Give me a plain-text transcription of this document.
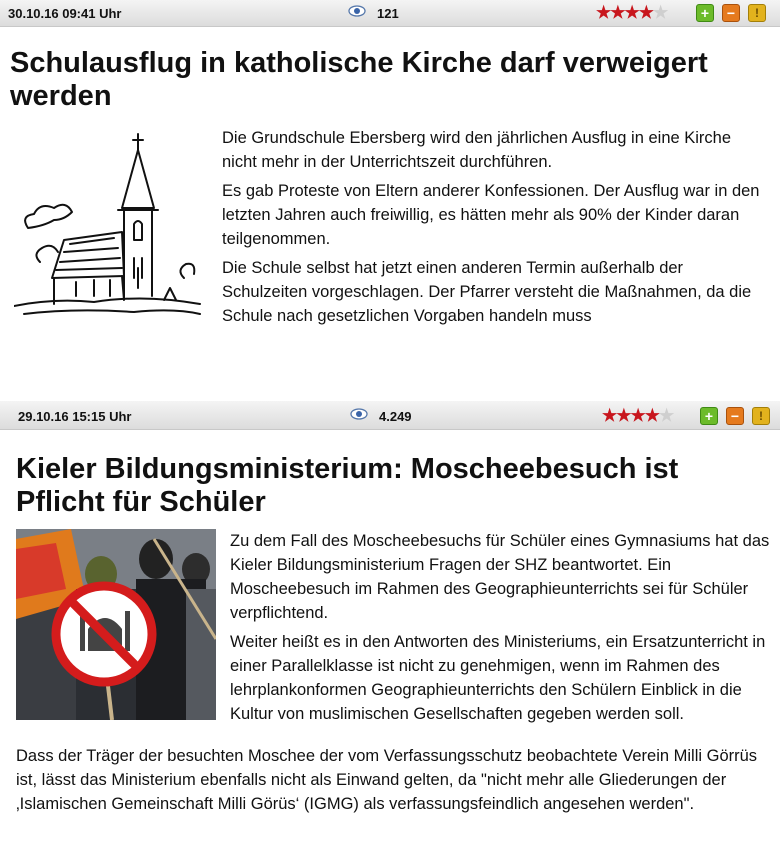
30.10.16 09:41 Uhr	121	★★★★★	+	−	!
Schulausflug in katholische Kirche darf verweigert werden

Die Grundschule Ebersberg wird den jährlichen Ausflug in eine Kirche nicht mehr in der Unterrichtszeit durchführen.

Es gab Proteste von Eltern anderer Konfessionen. Der Ausflug war in den letzten Jahren auch freiwillig, es hätten mehr als 90% der Kinder daran teilgenommen.

Die Schule selbst hat jetzt einen anderen Termin außerhalb der Schulzeiten vorgeschlagen. Der Pfarrer versteht die Maßnahmen, da die Schule nach gesetzlichen Vorgaben handeln muss

29.10.16 15:15 Uhr	4.249	★★★★★	+	−	!
Kieler Bildungsministerium: Moscheebesuch ist Pflicht für Schüler

Zu dem Fall des Moscheebesuchs für Schüler eines Gymnasiums hat das Kieler Bildungsministerium Fragen der SHZ beantwortet. Ein Moscheebesuch im Rahmen des Geographieunterrichts sei für Schüler verpflichtend.

Weiter heißt es in den Antworten des Ministeriums, ein Ersatzunterricht in einer Parallelklasse ist nicht zu genehmigen, wenn im Rahmen des lehrplankonformen Geographieunterrichts den Schülern Einblick in die Kultur von muslimischen Gesellschaften gegeben werden soll.

Dass der Träger der besuchten Moschee der vom Verfassungsschutz beobachtete Verein Milli Görrüs ist, lässt das Ministerium ebenfalls nicht als Einwand gelten, da "nicht mehr alle Gliederungen der ‚Islamischen Gemeinschaft Milli Görüs‘ (IGMG) als verfassungsfeindlich angesehen werden".
